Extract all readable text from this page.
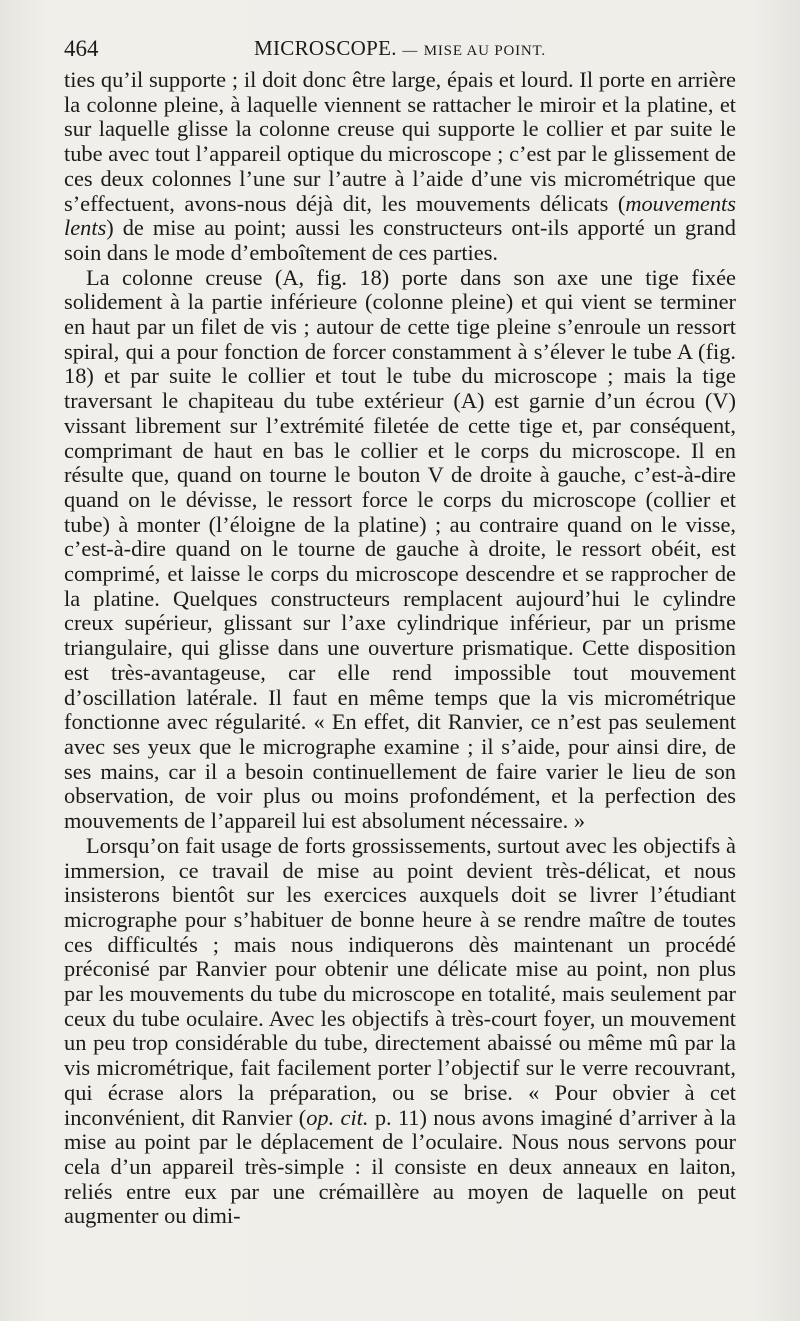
464	MICROSCOPE. — MISE AU POINT.

ties qu’il supporte ; il doit donc être large, épais et lourd. Il porte en arrière la colonne pleine, à laquelle viennent se rattacher le miroir et la platine, et sur laquelle glisse la colonne creuse qui supporte le collier et par suite le tube avec tout l’appareil optique du microscope ; c’est par le glissement de ces deux colonnes l’une sur l’autre à l’aide d’une vis micrométrique que s’effectuent, avons-nous déjà dit, les mouvements délicats (mouvements lents) de mise au point; aussi les constructeurs ont-ils apporté un grand soin dans le mode d’emboîtement de ces parties.

La colonne creuse (A, fig. 18) porte dans son axe une tige fixée solidement à la partie inférieure (colonne pleine) et qui vient se terminer en haut par un filet de vis ; autour de cette tige pleine s’enroule un ressort spiral, qui a pour fonction de forcer constamment à s’élever le tube A (fig. 18) et par suite le collier et tout le tube du microscope ; mais la tige traversant le chapiteau du tube extérieur (A) est garnie d’un écrou (V) vissant librement sur l’extrémité filetée de cette tige et, par conséquent, comprimant de haut en bas le collier et le corps du microscope. Il en résulte que, quand on tourne le bouton V de droite à gauche, c’est-à-dire quand on le dévisse, le ressort force le corps du microscope (collier et tube) à monter (l’éloigne de la platine) ; au contraire quand on le visse, c’est-à-dire quand on le tourne de gauche à droite, le ressort obéit, est comprimé, et laisse le corps du microscope descendre et se rapprocher de la platine. Quelques constructeurs remplacent aujourd’hui le cylindre creux supérieur, glissant sur l’axe cylindrique inférieur, par un prisme triangulaire, qui glisse dans une ouverture prismatique. Cette disposition est très-avantageuse, car elle rend impossible tout mouvement d’oscillation latérale. Il faut en même temps que la vis micrométrique fonctionne avec régularité. « En effet, dit Ranvier, ce n’est pas seulement avec ses yeux que le micrographe examine ; il s’aide, pour ainsi dire, de ses mains, car il a besoin continuellement de faire varier le lieu de son observation, de voir plus ou moins profondément, et la perfection des mouvements de l’appareil lui est absolument nécessaire. »

Lorsqu’on fait usage de forts grossissements, surtout avec les objectifs à immersion, ce travail de mise au point devient très-délicat, et nous insisterons bientôt sur les exercices auxquels doit se livrer l’étudiant micrographe pour s’habituer de bonne heure à se rendre maître de toutes ces difficultés ; mais nous indiquerons dès maintenant un procédé préconisé par Ranvier pour obtenir une délicate mise au point, non plus par les mouvements du tube du microscope en totalité, mais seulement par ceux du tube oculaire. Avec les objectifs à très-court foyer, un mouvement un peu trop considérable du tube, directement abaissé ou même mû par la vis micrométrique, fait facilement porter l’objectif sur le verre recouvrant, qui écrase alors la préparation, ou se brise. « Pour obvier à cet inconvénient, dit Ranvier (op. cit. p. 11) nous avons imaginé d’arriver à la mise au point par le déplacement de l’oculaire. Nous nous servons pour cela d’un appareil très-simple : il consiste en deux anneaux en laiton, reliés entre eux par une crémaillère au moyen de laquelle on peut augmenter ou dimi-
